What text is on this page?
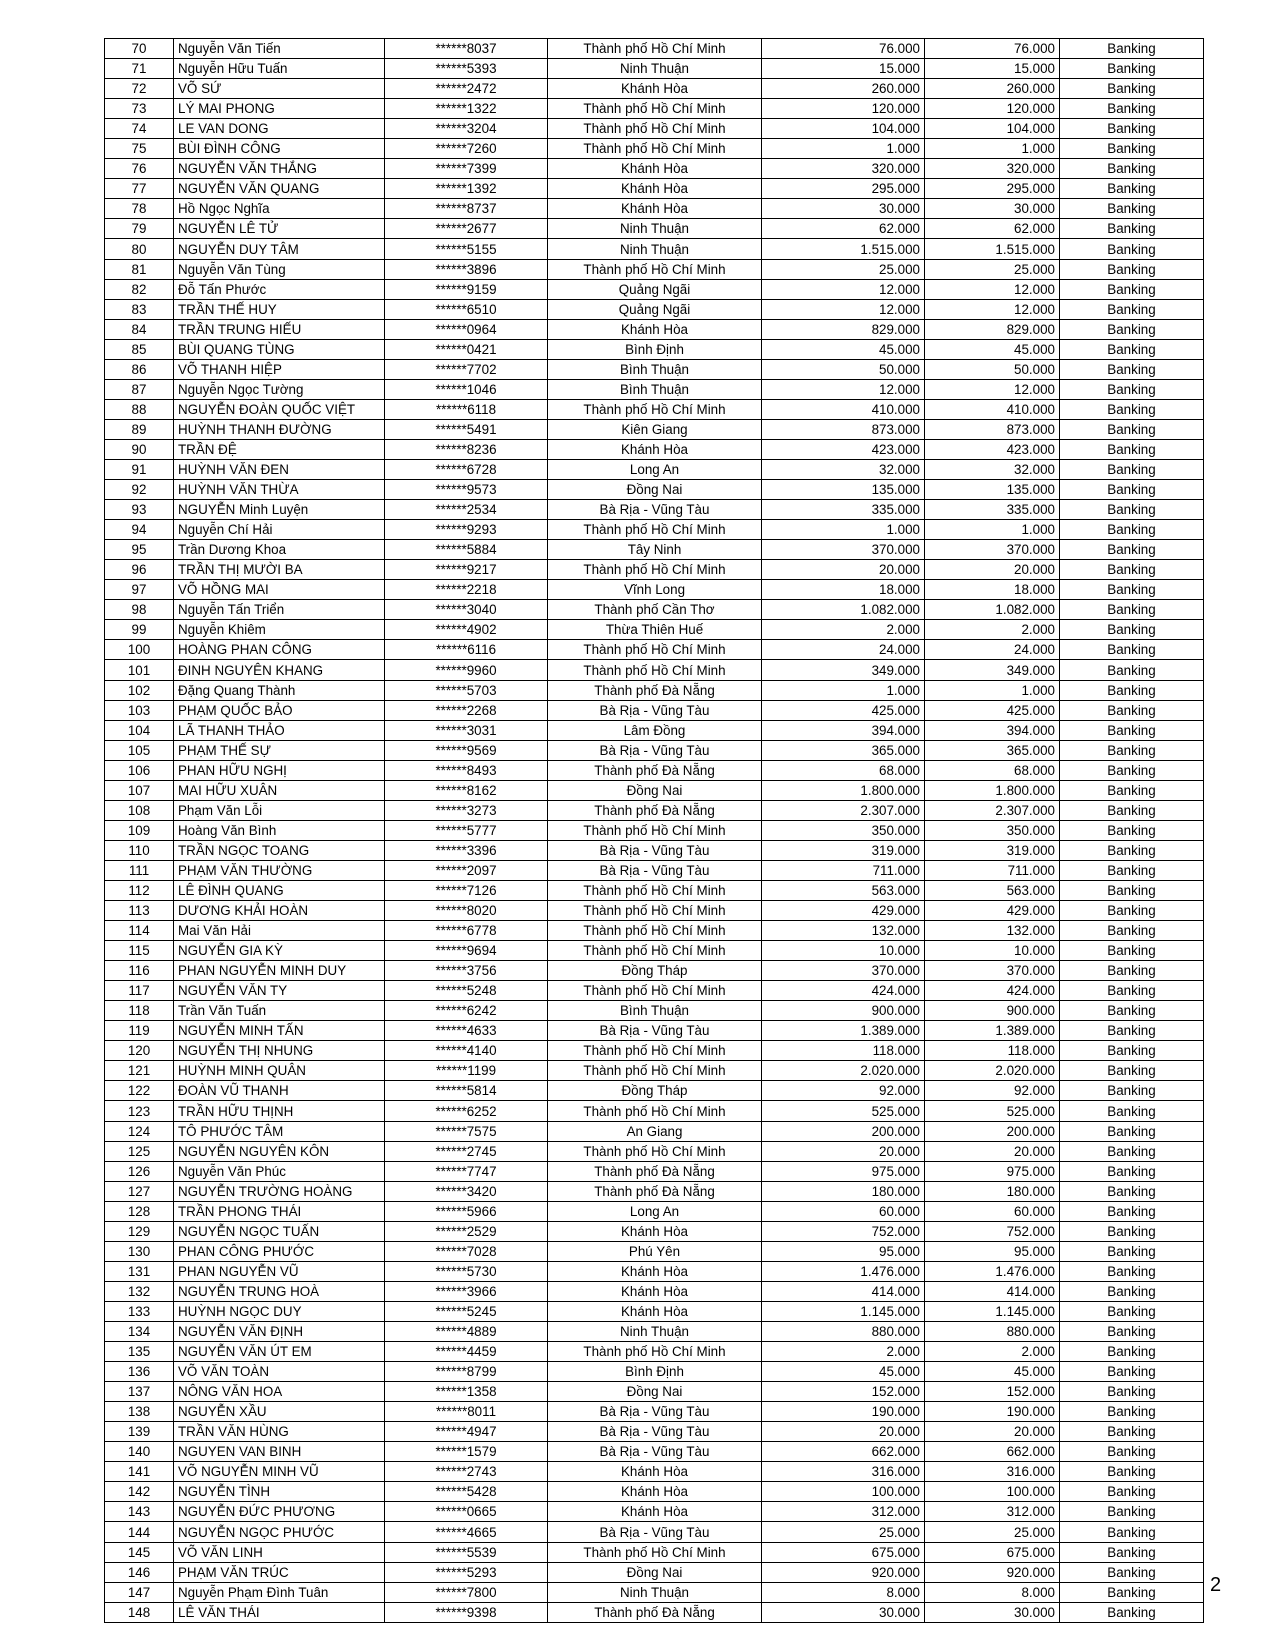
70	Nguyễn Văn Tiến	******8037	Thành phố Hồ Chí Minh	76.000	76.000	Banking
71	Nguyễn Hữu Tuấn	******5393	Ninh Thuận	15.000	15.000	Banking
72	VÕ SỨ	******2472	Khánh Hòa	260.000	260.000	Banking
73	LÝ MAI PHONG	******1322	Thành phố Hồ Chí Minh	120.000	120.000	Banking
74	LE VAN DONG	******3204	Thành phố Hồ Chí Minh	104.000	104.000	Banking
75	BÙI ĐÌNH CÔNG	******7260	Thành phố Hồ Chí Minh	1.000	1.000	Banking
76	NGUYỄN VĂN THẮNG	******7399	Khánh Hòa	320.000	320.000	Banking
77	NGUYỄN VĂN QUANG	******1392	Khánh Hòa	295.000	295.000	Banking
78	Hồ Ngọc Nghĩa	******8737	Khánh Hòa	30.000	30.000	Banking
79	NGUYỄN LÊ TỬ	******2677	Ninh Thuận	62.000	62.000	Banking
80	NGUYỄN DUY TÂM	******5155	Ninh Thuận	1.515.000	1.515.000	Banking
81	Nguyễn Văn Tùng	******3896	Thành phố Hồ Chí Minh	25.000	25.000	Banking
82	Đỗ Tấn Phước	******9159	Quảng Ngãi	12.000	12.000	Banking
83	TRẦN THẾ HUY	******6510	Quảng Ngãi	12.000	12.000	Banking
84	TRẦN TRUNG HIẾU	******0964	Khánh Hòa	829.000	829.000	Banking
85	BÙI QUANG TÙNG	******0421	Bình Định	45.000	45.000	Banking
86	VÕ THANH HIỆP	******7702	Bình Thuận	50.000	50.000	Banking
87	Nguyễn Ngọc Tường	******1046	Bình Thuận	12.000	12.000	Banking
88	NGUYỄN ĐOÀN QUỐC VIỆT	******6118	Thành phố Hồ Chí Minh	410.000	410.000	Banking
89	HUỲNH THANH ĐƯỜNG	******5491	Kiên Giang	873.000	873.000	Banking
90	TRẦN ĐỆ	******8236	Khánh Hòa	423.000	423.000	Banking
91	HUỲNH VĂN ĐEN	******6728	Long An	32.000	32.000	Banking
92	HUỲNH VĂN THỪA	******9573	Đồng Nai	135.000	135.000	Banking
93	NGUYỄN Minh Luyện	******2534	Bà Rịa - Vũng Tàu	335.000	335.000	Banking
94	Nguyễn Chí Hải	******9293	Thành phố Hồ Chí Minh	1.000	1.000	Banking
95	Trần Dương Khoa	******5884	Tây Ninh	370.000	370.000	Banking
96	TRẦN THỊ MƯỜI BA	******9217	Thành phố Hồ Chí Minh	20.000	20.000	Banking
97	VÕ HỒNG MAI	******2218	Vĩnh Long	18.000	18.000	Banking
98	Nguyễn Tấn Triển	******3040	Thành phố Cần Thơ	1.082.000	1.082.000	Banking
99	Nguyễn Khiêm	******4902	Thừa Thiên Huế	2.000	2.000	Banking
100	HOÀNG PHAN CÔNG	******6116	Thành phố Hồ Chí Minh	24.000	24.000	Banking
101	ĐINH NGUYÊN KHANG	******9960	Thành phố Hồ Chí Minh	349.000	349.000	Banking
102	Đặng Quang Thành	******5703	Thành phố Đà Nẵng	1.000	1.000	Banking
103	PHẠM QUỐC BẢO	******2268	Bà Rịa - Vũng Tàu	425.000	425.000	Banking
104	LÃ THANH THẢO	******3031	Lâm Đồng	394.000	394.000	Banking
105	PHẠM THẾ SỰ	******9569	Bà Rịa - Vũng Tàu	365.000	365.000	Banking
106	PHAN HỮU NGHỊ	******8493	Thành phố Đà Nẵng	68.000	68.000	Banking
107	MAI HỮU XUÂN	******8162	Đồng Nai	1.800.000	1.800.000	Banking
108	Phạm Văn Lỗi	******3273	Thành phố Đà Nẵng	2.307.000	2.307.000	Banking
109	Hoàng Văn Bình	******5777	Thành phố Hồ Chí Minh	350.000	350.000	Banking
110	TRẦN NGỌC TOANG	******3396	Bà Rịa - Vũng Tàu	319.000	319.000	Banking
111	PHẠM VĂN THƯỜNG	******2097	Bà Rịa - Vũng Tàu	711.000	711.000	Banking
112	LÊ ĐÌNH QUANG	******7126	Thành phố Hồ Chí Minh	563.000	563.000	Banking
113	DƯƠNG KHẢI HOÀN	******8020	Thành phố Hồ Chí Minh	429.000	429.000	Banking
114	Mai Văn Hải	******6778	Thành phố Hồ Chí Minh	132.000	132.000	Banking
115	NGUYỄN GIA KỲ	******9694	Thành phố Hồ Chí Minh	10.000	10.000	Banking
116	PHAN NGUYỄN MINH DUY	******3756	Đồng Tháp	370.000	370.000	Banking
117	NGUYỄN VĂN TY	******5248	Thành phố Hồ Chí Minh	424.000	424.000	Banking
118	Trần Văn Tuấn	******6242	Bình Thuận	900.000	900.000	Banking
119	NGUYỄN MINH TẤN	******4633	Bà Rịa - Vũng Tàu	1.389.000	1.389.000	Banking
120	NGUYỄN THỊ NHUNG	******4140	Thành phố Hồ Chí Minh	118.000	118.000	Banking
121	HUỲNH MINH QUÂN	******1199	Thành phố Hồ Chí Minh	2.020.000	2.020.000	Banking
122	ĐOÀN VŨ THANH	******5814	Đồng Tháp	92.000	92.000	Banking
123	TRẦN HỮU THỊNH	******6252	Thành phố Hồ Chí Minh	525.000	525.000	Banking
124	TÔ PHƯỚC TÂM	******7575	An Giang	200.000	200.000	Banking
125	NGUYỄN NGUYÊN KÔN	******2745	Thành phố Hồ Chí Minh	20.000	20.000	Banking
126	Nguyễn Văn Phúc	******7747	Thành phố Đà Nẵng	975.000	975.000	Banking
127	NGUYỄN TRƯỜNG HOÀNG	******3420	Thành phố Đà Nẵng	180.000	180.000	Banking
128	TRẦN PHONG THÁI	******5966	Long An	60.000	60.000	Banking
129	NGUYỄN NGỌC TUẤN	******2529	Khánh Hòa	752.000	752.000	Banking
130	PHAN CÔNG PHƯỚC	******7028	Phú Yên	95.000	95.000	Banking
131	PHAN NGUYỄN VŨ	******5730	Khánh Hòa	1.476.000	1.476.000	Banking
132	NGUYỄN TRUNG HOÀ	******3966	Khánh Hòa	414.000	414.000	Banking
133	HUỲNH NGỌC DUY	******5245	Khánh Hòa	1.145.000	1.145.000	Banking
134	NGUYỄN VĂN ĐỊNH	******4889	Ninh Thuận	880.000	880.000	Banking
135	NGUYỄN VĂN ÚT EM	******4459	Thành phố Hồ Chí Minh	2.000	2.000	Banking
136	VÕ VĂN TOÀN	******8799	Bình Định	45.000	45.000	Banking
137	NÔNG VĂN HOA	******1358	Đồng Nai	152.000	152.000	Banking
138	NGUYỄN XẦU	******8011	Bà Rịa - Vũng Tàu	190.000	190.000	Banking
139	TRẦN VĂN HÙNG	******4947	Bà Rịa - Vũng Tàu	20.000	20.000	Banking
140	NGUYEN VAN BINH	******1579	Bà Rịa - Vũng Tàu	662.000	662.000	Banking
141	VÕ NGUYỄN MINH VŨ	******2743	Khánh Hòa	316.000	316.000	Banking
142	NGUYỄN TÌNH	******5428	Khánh Hòa	100.000	100.000	Banking
143	NGUYỄN ĐỨC PHƯƠNG	******0665	Khánh Hòa	312.000	312.000	Banking
144	NGUYỄN NGỌC PHƯỚC	******4665	Bà Rịa - Vũng Tàu	25.000	25.000	Banking
145	VÕ VĂN LINH	******5539	Thành phố Hồ Chí Minh	675.000	675.000	Banking
146	PHẠM VĂN TRÚC	******5293	Đồng Nai	920.000	920.000	Banking
147	Nguyễn Phạm Đình Tuân	******7800	Ninh Thuận	8.000	8.000	Banking
148	LÊ VĂN THÁI	******9398	Thành phố Đà Nẵng	30.000	30.000	Banking
2
